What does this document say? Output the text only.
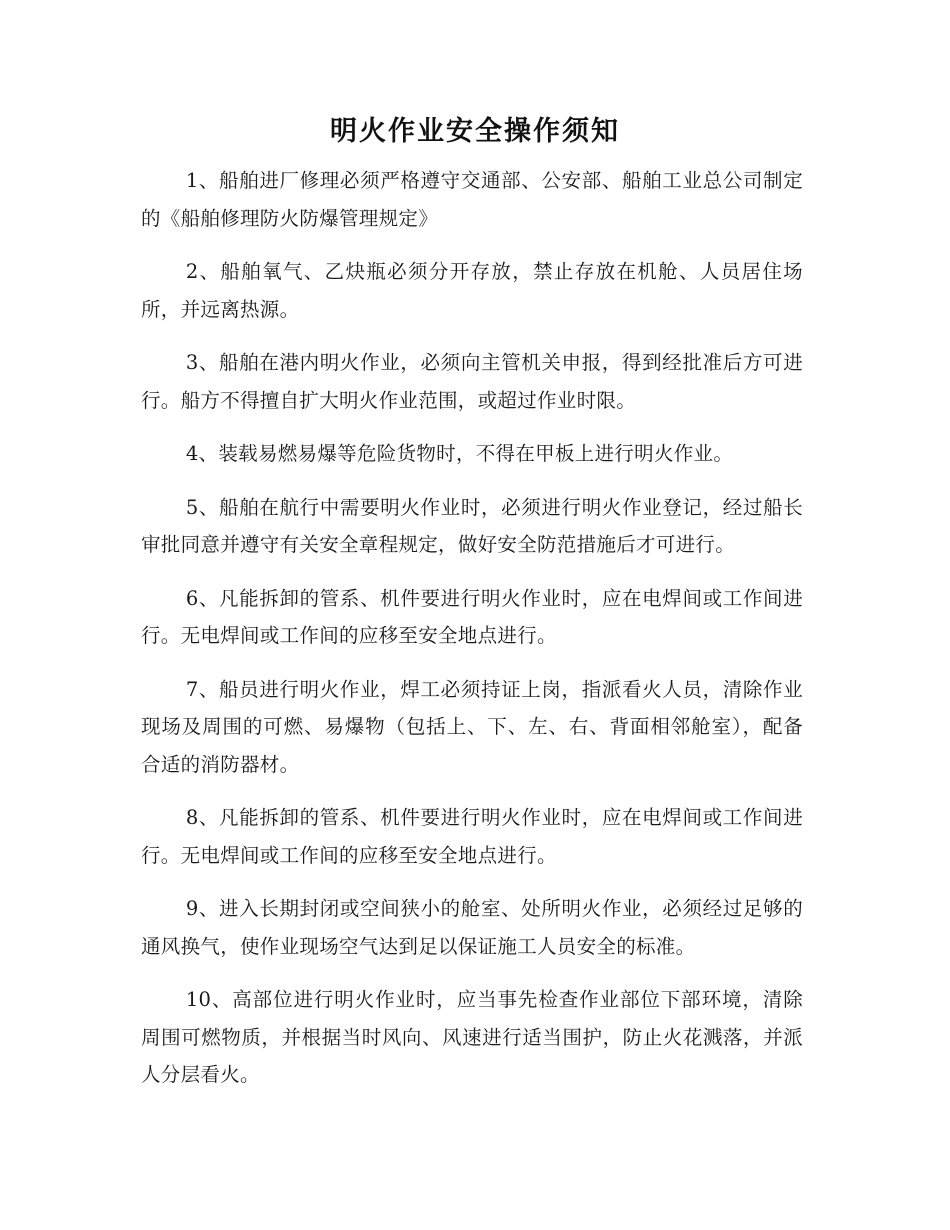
明火作业安全操作须知

1、船舶进厂修理必须严格遵守交通部、公安部、船舶工业总公司制定的《船舶修理防火防爆管理规定》

2、船舶氧气、乙炔瓶必须分开存放，禁止存放在机舱、人员居住场所，并远离热源。

3、船舶在港内明火作业，必须向主管机关申报，得到经批准后方可进行。船方不得擅自扩大明火作业范围，或超过作业时限。

4、装载易燃易爆等危险货物时，不得在甲板上进行明火作业。

5、船舶在航行中需要明火作业时，必须进行明火作业登记，经过船长审批同意并遵守有关安全章程规定，做好安全防范措施后才可进行。

6、凡能拆卸的管系、机件要进行明火作业时，应在电焊间或工作间进行。无电焊间或工作间的应移至安全地点进行。

7、船员进行明火作业，焊工必须持证上岗，指派看火人员，清除作业现场及周围的可燃、易爆物（包括上、下、左、右、背面相邻舱室），配备合适的消防器材。

8、凡能拆卸的管系、机件要进行明火作业时，应在电焊间或工作间进行。无电焊间或工作间的应移至安全地点进行。

9、进入长期封闭或空间狭小的舱室、处所明火作业，必须经过足够的通风换气，使作业现场空气达到足以保证施工人员安全的标准。

10、高部位进行明火作业时，应当事先检查作业部位下部环境，清除周围可燃物质，并根据当时风向、风速进行适当围护，防止火花溅落，并派人分层看火。
